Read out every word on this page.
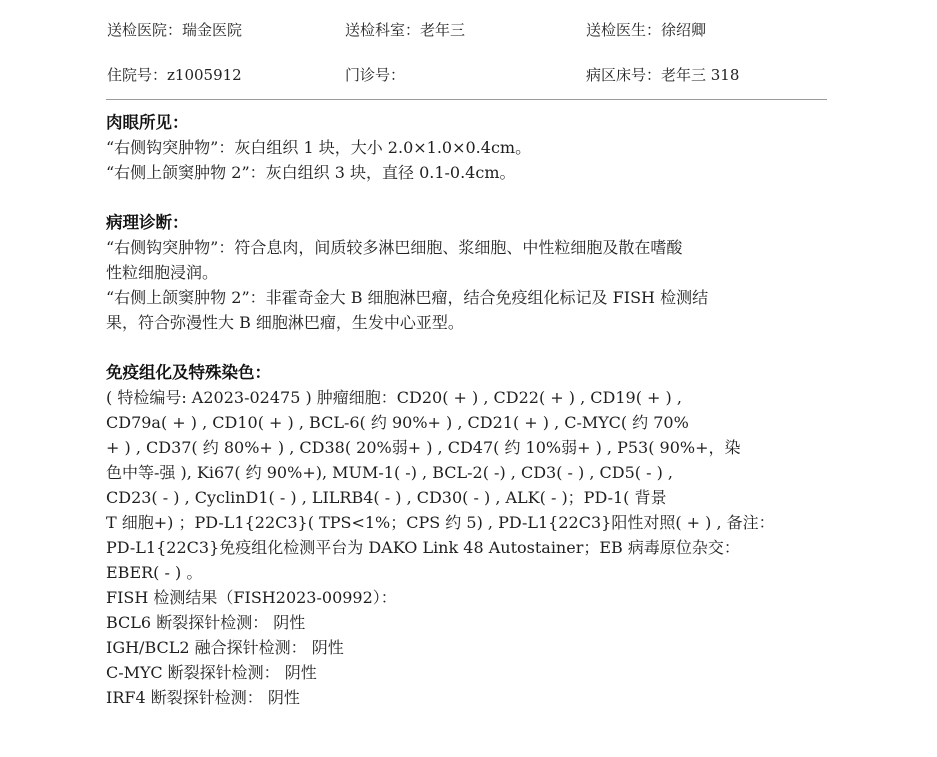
送检医院：瑞金医院	送检科室：老年三	送检医生：徐绍卿
住院号：z1005912	门诊号：	病区床号：老年三 318
肉眼所见：
“右侧钩突肿物”：灰白组织 1 块，大小 2.0×1.0×0.4cm。
“右侧上颌窦肿物 2”：灰白组织 3 块，直径 0.1-0.4cm。
病理诊断：
“右侧钩突肿物”：符合息肉，间质较多淋巴细胞、浆细胞、中性粒细胞及散在嗜酸
性粒细胞浸润。
“右侧上颌窦肿物 2”：非霍奇金大 B 细胞淋巴瘤，结合免疫组化标记及 FISH 检测结
果，符合弥漫性大 B 细胞淋巴瘤，生发中心亚型。
免疫组化及特殊染色：
( 特检编号: A2023-02475 ) 肿瘤细胞：CD20( + ) , CD22( + ) , CD19( + ) ,
CD79a( + ) , CD10( + ) , BCL-6( 约 90%+ ) , CD21( + ) , C-MYC( 约 70%
+ ) , CD37( 约 80%+ ) , CD38( 20%弱+ ) , CD47( 约 10%弱+ ) , P53( 90%+，染
色中等-强 ), Ki67( 约 90%+), MUM-1( -) , BCL-2( -) , CD3( - ) , CD5( - ) ,
CD23( - ) , CyclinD1( - ) , LILRB4( - ) , CD30( - ) , ALK( - )；PD-1( 背景
T 细胞+) ；PD-L1{22C3}( TPS<1%；CPS 约 5) , PD-L1{22C3}阳性对照( + ) , 备注：
PD-L1{22C3}免疫组化检测平台为 DAKO Link 48 Autostainer；EB 病毒原位杂交：
EBER( - ) 。
FISH 检测结果（FISH2023-00992）：
BCL6 断裂探针检测： 阴性
IGH/BCL2 融合探针检测： 阴性
C-MYC 断裂探针检测： 阴性
IRF4 断裂探针检测： 阴性
